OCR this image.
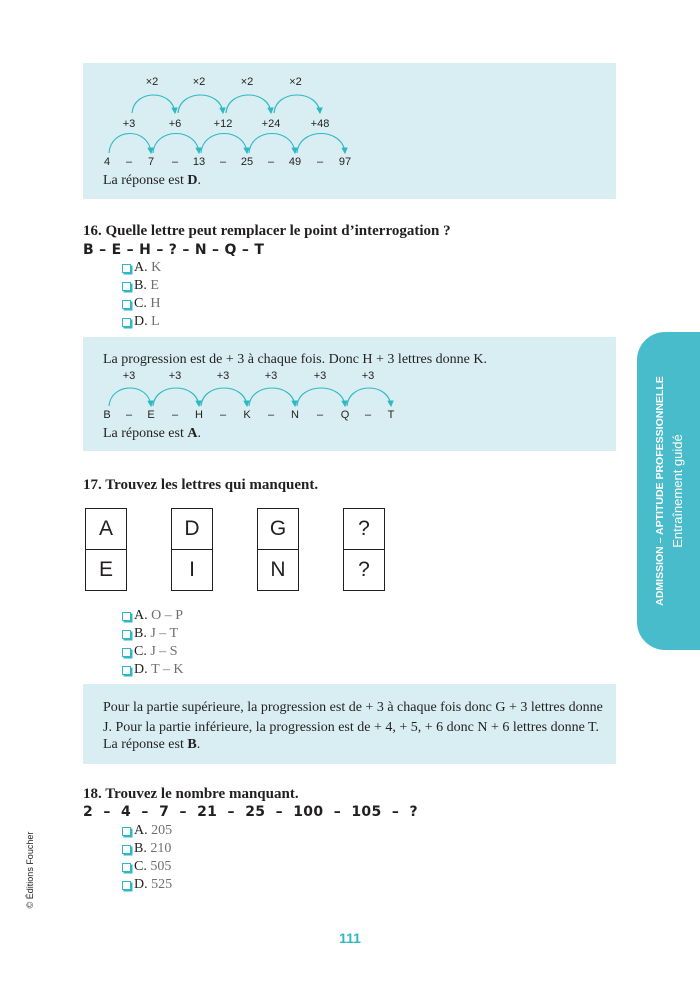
4	7	13	25	49	97
–	–	–	–	–
+3	+6	+12	+24	+48
×2	×2	×2	×2
La réponse est D.
16. Quelle lettre peut remplacer le point d’interrogation ?
B – E – H – ? – N – Q – T
A. K
B. E
C. H
D. L
La progression est de + 3 à chaque fois. Donc H + 3 lettres donne K.
B	E	H	K	N	Q	T
–
+3
–
+3
–
+3
–
+3
–
+3
–
+3
La réponse est A.
17. Trouvez les lettres qui manquent.
A	D	G	?
E	I	N	?
A. O – P
B. J – T
C. J – S
D. T – K
Pour la partie supérieure, la progression est de + 3 à chaque fois donc G + 3 lettres donne
J. Pour la partie inférieure, la progression est de + 4, + 5, + 6 donc N + 6 lettres donne T.
La réponse est B.
18. Trouvez le nombre manquant.
2  –  4  –  7  –  21  –  25  –  100  –  105  –  ?
A. 205
B. 210
C. 505
D. 525
ADMISSION – APTITUDE PROFESSIONNELLE Entraînement guidé
111
© Éditions Foucher
